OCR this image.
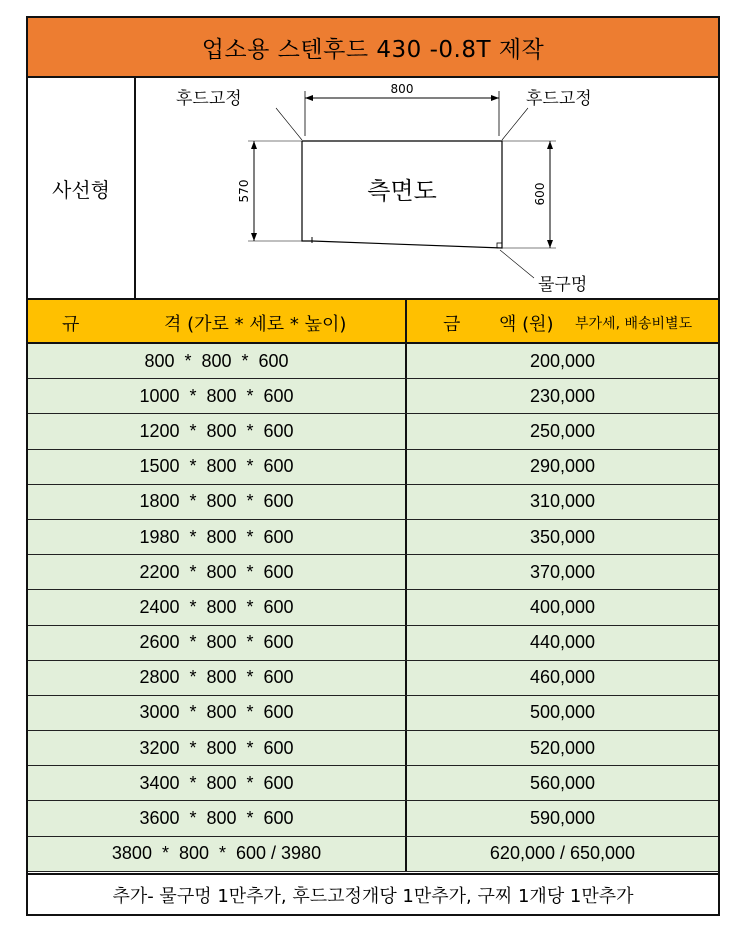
업소용 스텐후드 430 -0.8T 제작
사선형
800
570	600
후드고정	후드고정
측면도
물구멍
규	격 (가로 * 세로 * 높이)	금 액 (원) 부가세, 배송비별도
800  *  800  *  600	200,000
1000  *  800  *  600	230,000
1200  *  800  *  600	250,000
1500  *  800  *  600	290,000
1800  *  800  *  600	310,000
1980  *  800  *  600	350,000
2200  *  800  *  600	370,000
2400  *  800  *  600	400,000
2600  *  800  *  600	440,000
2800  *  800  *  600	460,000
3000  *  800  *  600	500,000
3200  *  800  *  600	520,000
3400  *  800  *  600	560,000
3600  *  800  *  600	590,000
3800  *  800  *  600 / 3980	620,000 / 650,000
추가- 물구멍 1만추가, 후드고정개당 1만추가, 구찌 1개당 1만추가
